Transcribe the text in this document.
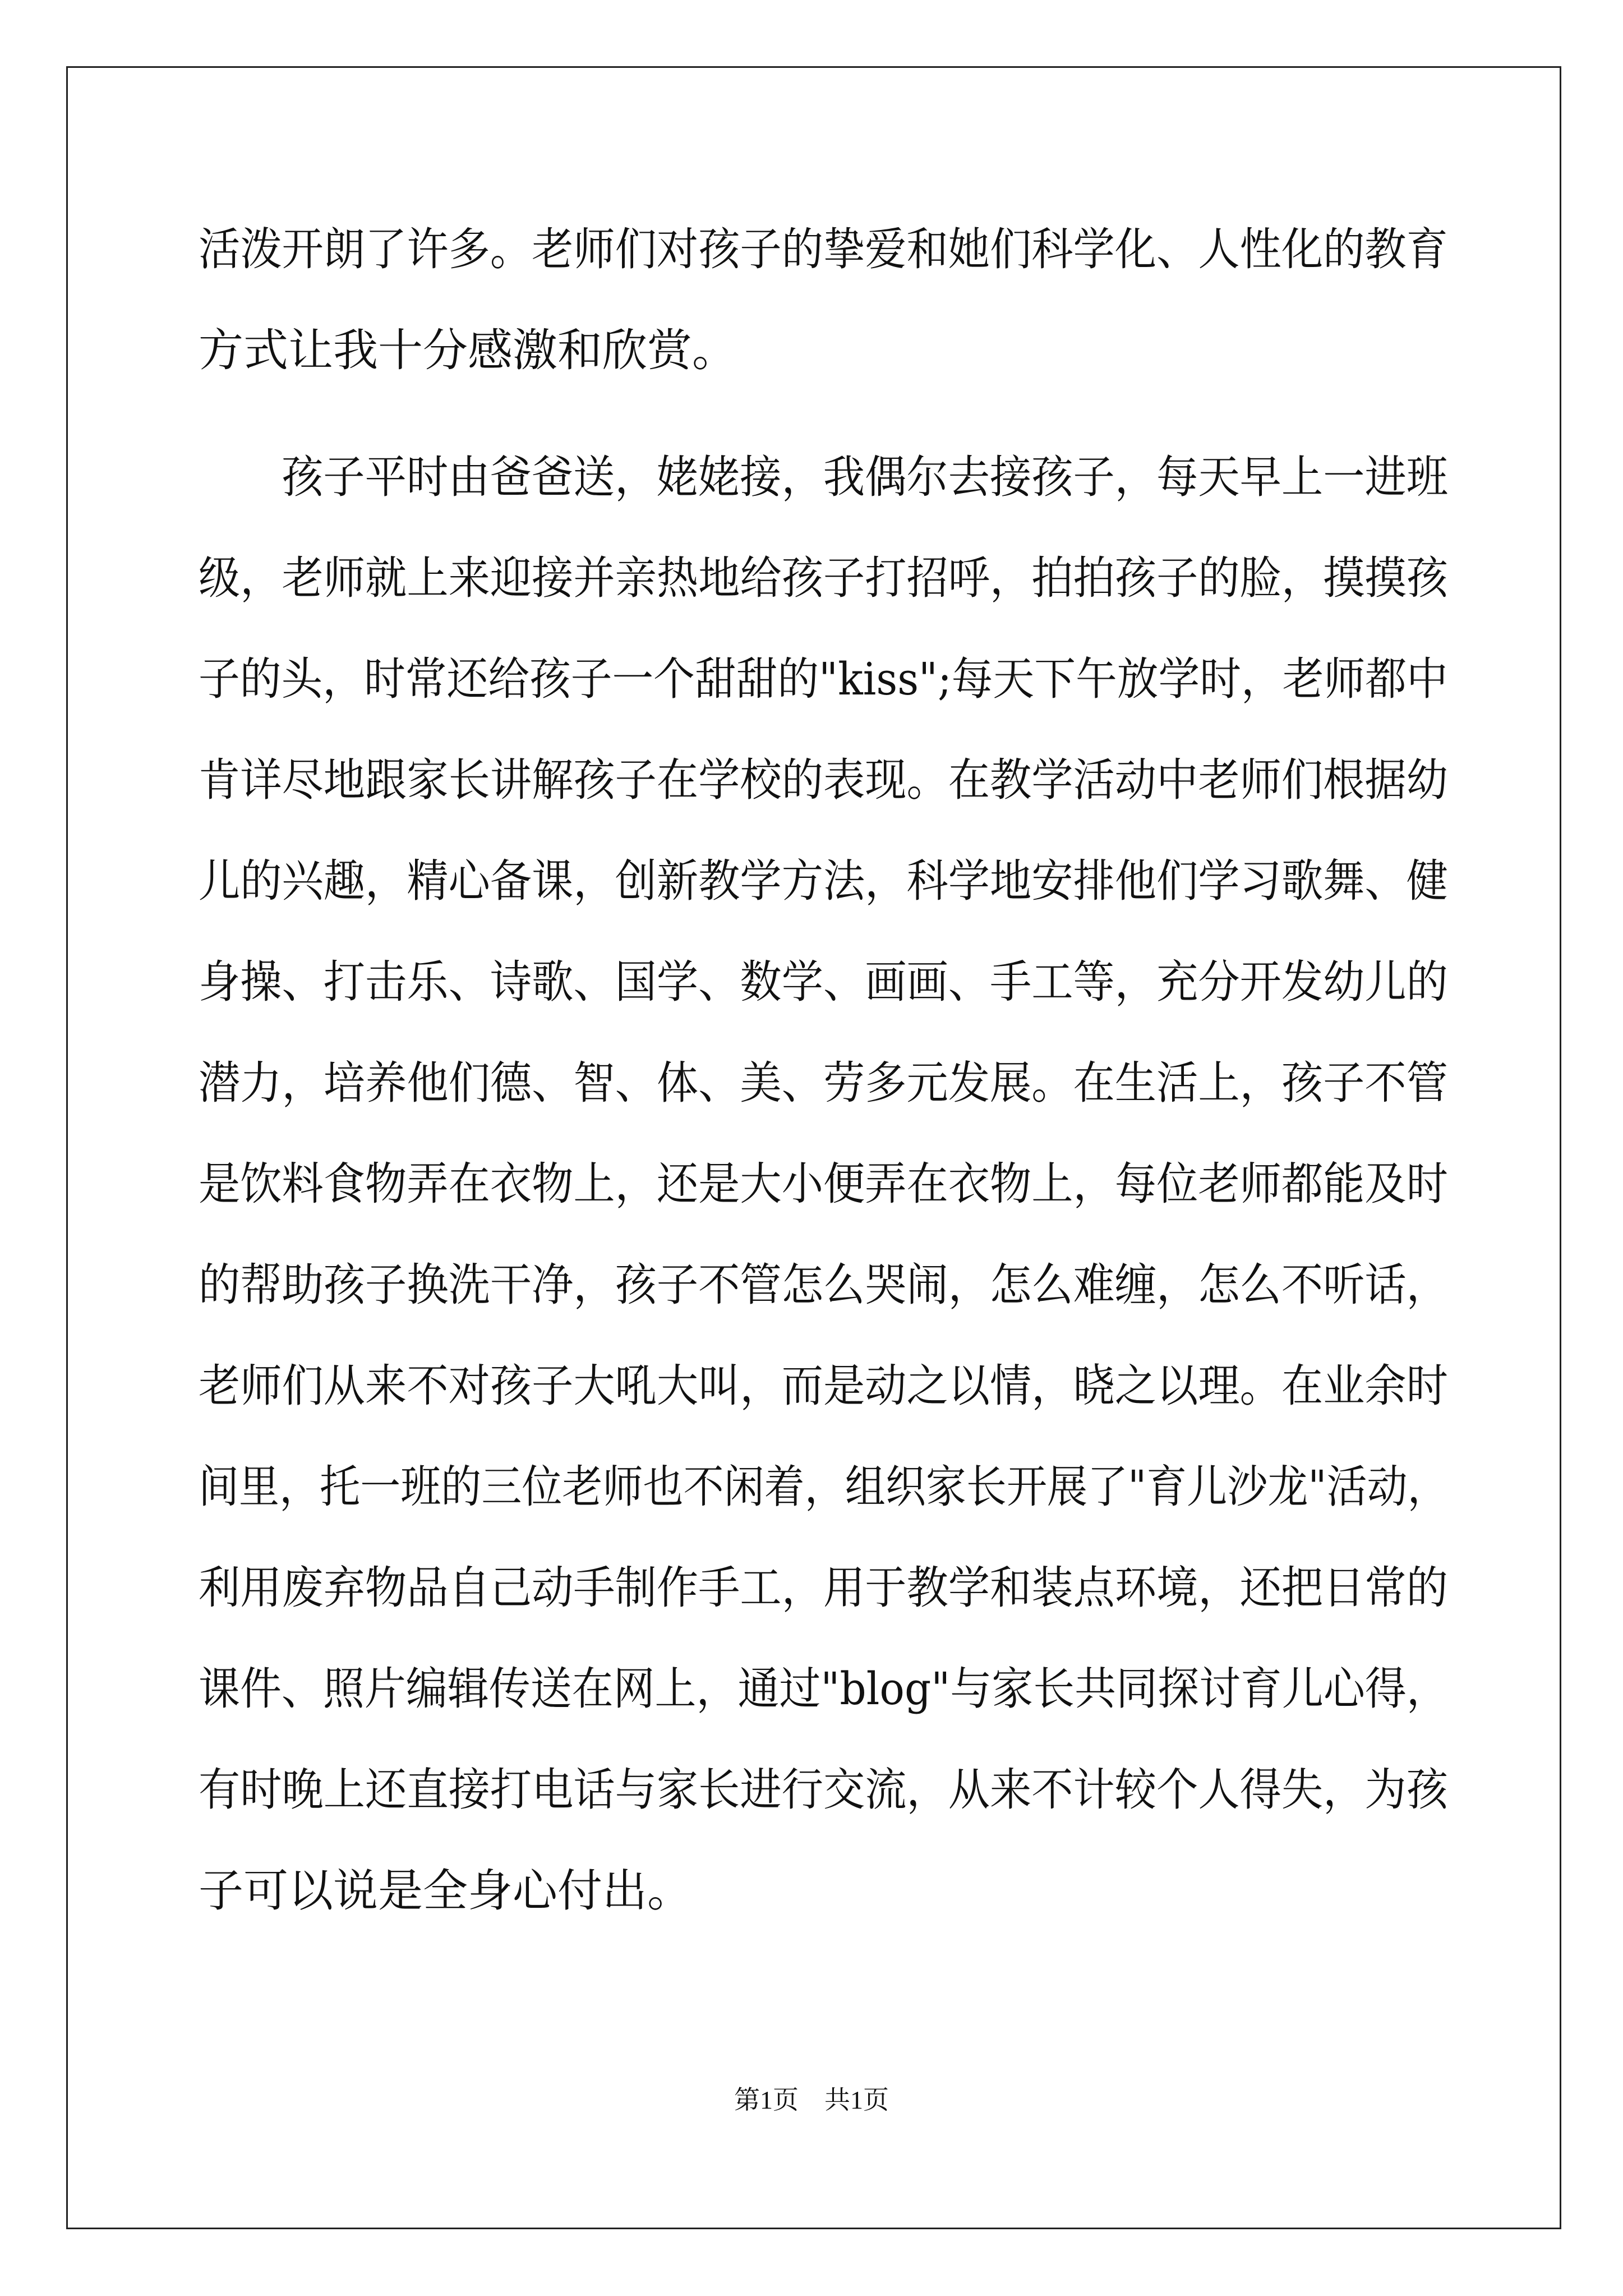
活泼开朗了许多。老师们对孩子的挚爱和她们科学化、人性化的教育
方式让我十分感激和欣赏。
孩子平时由爸爸送，姥姥接，我偶尔去接孩子，每天早上一进班
级，老师就上来迎接并亲热地给孩子打招呼，拍拍孩子的脸，摸摸孩
子的头，时常还给孩子一个甜甜的"kiss";每天下午放学时，老师都中
肯详尽地跟家长讲解孩子在学校的表现。在教学活动中老师们根据幼
儿的兴趣，精心备课，创新教学方法，科学地安排他们学习歌舞、健
身操、打击乐、诗歌、国学、数学、画画、手工等，充分开发幼儿的
潜力，培养他们德、智、体、美、劳多元发展。在生活上，孩子不管
是饮料食物弄在衣物上，还是大小便弄在衣物上，每位老师都能及时
的帮助孩子换洗干净，孩子不管怎么哭闹，怎么难缠，怎么不听话，
老师们从来不对孩子大吼大叫，而是动之以情，晓之以理。在业余时
间里，托一班的三位老师也不闲着，组织家长开展了"育儿沙龙"活动，
利用废弃物品自己动手制作手工，用于教学和装点环境，还把日常的
课件、照片编辑传送在网上，通过"blog"与家长共同探讨育儿心得，
有时晚上还直接打电话与家长进行交流，从来不计较个人得失，为孩
子可以说是全身心付出。
第1页　共1页
